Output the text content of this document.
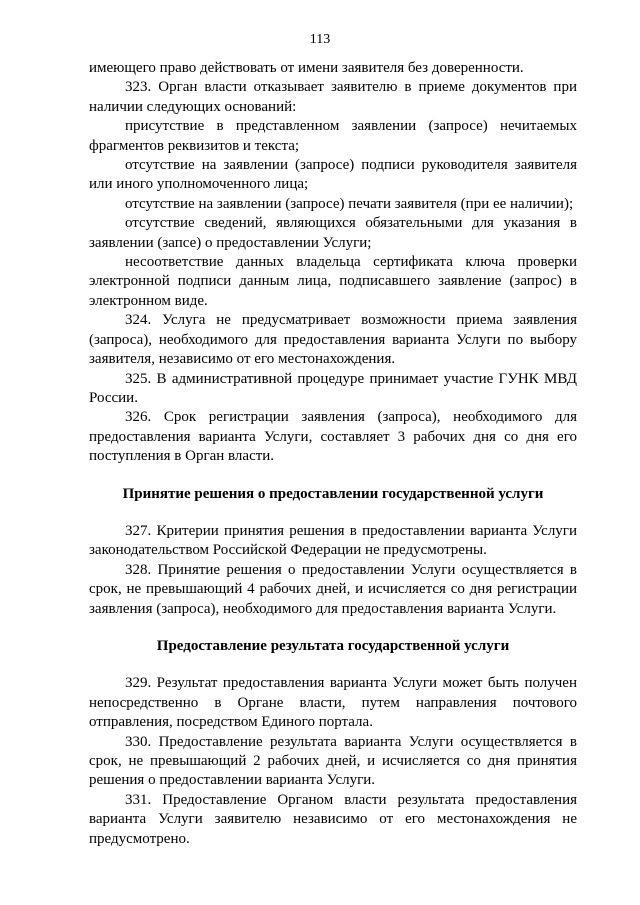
113

имеющего право действовать от имени заявителя без доверенности.

323. Орган власти отказывает заявителю в приеме документов при наличии следующих оснований:

присутствие в представленном заявлении (запросе) нечитаемых фрагментов реквизитов и текста;

отсутствие на заявлении (запросе) подписи руководителя заявителя или иного уполномоченного лица;

отсутствие на заявлении (запросе) печати заявителя (при ее наличии);

отсутствие сведений, являющихся обязательными для указания в заявлении (запсе) о предоставлении Услуги;

несоответствие данных владельца сертификата ключа проверки электронной подписи данным лица, подписавшего заявление (запрос) в электронном виде.

324. Услуга не предусматривает возможности приема заявления (запроса), необходимого для предоставления варианта Услуги по выбору заявителя, независимо от его местонахождения.

325. В административной процедуре принимает участие ГУНК МВД России.

326. Срок регистрации заявления (запроса), необходимого для предоставления варианта Услуги, составляет 3 рабочих дня со дня его поступления в Орган власти.

Принятие решения о предоставлении государственной услуги

327. Критерии принятия решения в предоставлении варианта Услуги законодательством Российской Федерации не предусмотрены.

328. Принятие решения о предоставлении Услуги осуществляется в срок, не превышающий 4 рабочих дней, и исчисляется со дня регистрации заявления (запроса), необходимого для предоставления варианта Услуги.

Предоставление результата государственной услуги

329. Результат предоставления варианта Услуги может быть получен непосредственно в Органе власти, путем направления почтового отправления, посредством Единого портала.

330. Предоставление результата варианта Услуги осуществляется в срок, не превышающий 2 рабочих дней, и исчисляется со дня принятия решения о предоставлении варианта Услуги.

331. Предоставление Органом власти результата предоставления варианта Услуги заявителю независимо от его местонахождения не предусмотрено.
